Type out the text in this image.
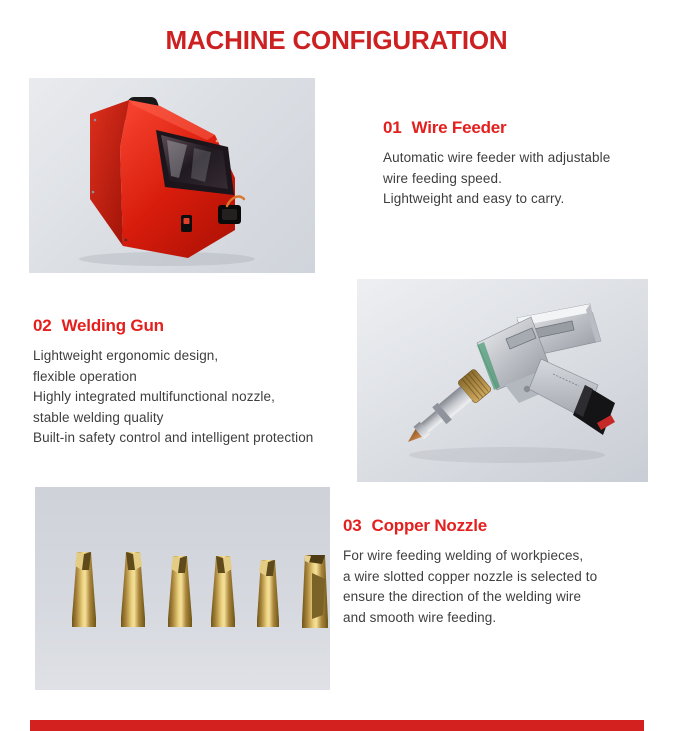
MACHINE CONFIGURATION
01 Wire Feeder

Automatic wire feeder with adjustable

wire feeding speed.

Lightweight and easy to carry.

02 Welding Gun

Lightweight ergonomic design,

flexible operation

Highly integrated multifunctional nozzle,

stable welding quality

Built-in safety control and intelligent protection

03 Copper Nozzle

For wire feeding welding of workpieces,

a wire slotted copper nozzle is selected to

ensure the direction of the welding wire

and smooth wire feeding.
